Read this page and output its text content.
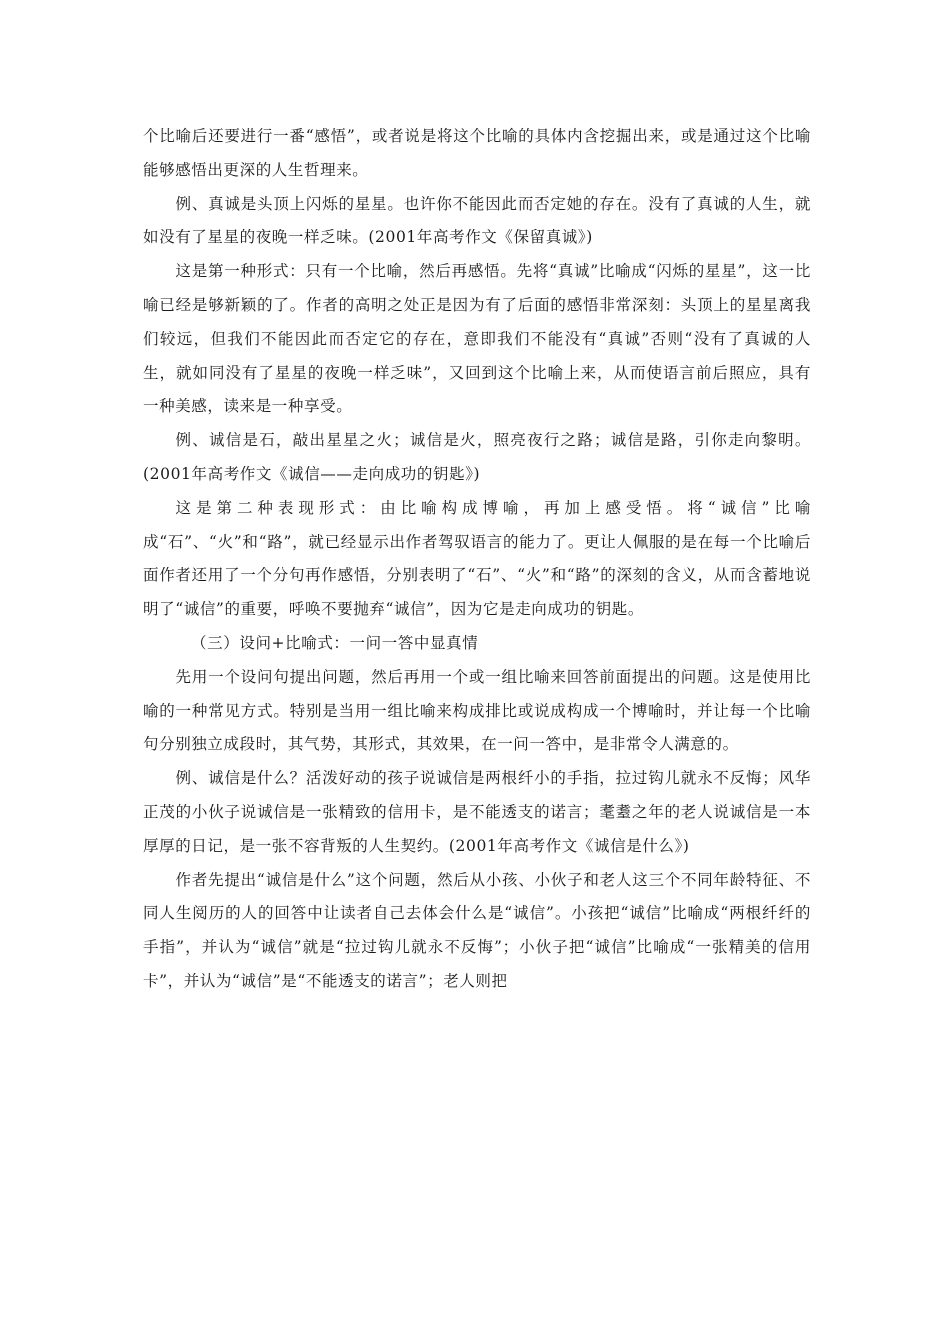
个比喻后还要进行一番“感悟”，或者说是将这个比喻的具体内含挖掘出来，或是通过这个比喻能够感悟出更深的人生哲理来。

例、真诚是头顶上闪烁的星星。也许你不能因此而否定她的存在。没有了真诚的人生，就如没有了星星的夜晚一样乏味。(2001年高考作文《保留真诚》)

这是第一种形式：只有一个比喻，然后再感悟。先将“真诚”比喻成“闪烁的星星”，这一比喻已经是够新颖的了。作者的高明之处正是因为有了后面的感悟非常深刻：头顶上的星星离我们较远，但我们不能因此而否定它的存在，意即我们不能没有“真诚”否则“没有了真诚的人生，就如同没有了星星的夜晚一样乏味”，又回到这个比喻上来，从而使语言前后照应，具有一种美感，读来是一种享受。

例、诚信是石，敲出星星之火；诚信是火，照亮夜行之路；诚信是路，引你走向黎明。(2001年高考作文《诚信——走向成功的钥匙》)

这是第二种表现形式：由比喻构成博喻，再加上感受悟。将“诚信”比喻成“石”、“火”和“路”，就已经显示出作者驾驭语言的能力了。更让人佩服的是在每一个比喻后面作者还用了一个分句再作感悟，分别表明了“石”、“火”和“路”的深刻的含义，从而含蓄地说明了“诚信”的重要，呼唤不要抛弃“诚信”，因为它是走向成功的钥匙。

（三）设问+比喻式：一问一答中显真情

先用一个设问句提出问题，然后再用一个或一组比喻来回答前面提出的问题。这是使用比喻的一种常见方式。特别是当用一组比喻来构成排比或说成构成一个博喻时，并让每一个比喻句分别独立成段时，其气势，其形式，其效果，在一问一答中，是非常令人满意的。

例、诚信是什么？活泼好动的孩子说诚信是两根纤小的手指，拉过钩儿就永不反悔；风华正茂的小伙子说诚信是一张精致的信用卡，是不能透支的诺言；耄耋之年的老人说诚信是一本厚厚的日记，是一张不容背叛的人生契约。(2001年高考作文《诚信是什么》)

作者先提出“诚信是什么”这个问题，然后从小孩、小伙子和老人这三个不同年龄特征、不同人生阅历的人的回答中让读者自己去体会什么是“诚信”。小孩把“诚信”比喻成“两根纤纤的手指”，并认为“诚信”就是“拉过钩儿就永不反悔”；小伙子把“诚信”比喻成“一张精美的信用卡”，并认为“诚信”是“不能透支的诺言”；老人则把
